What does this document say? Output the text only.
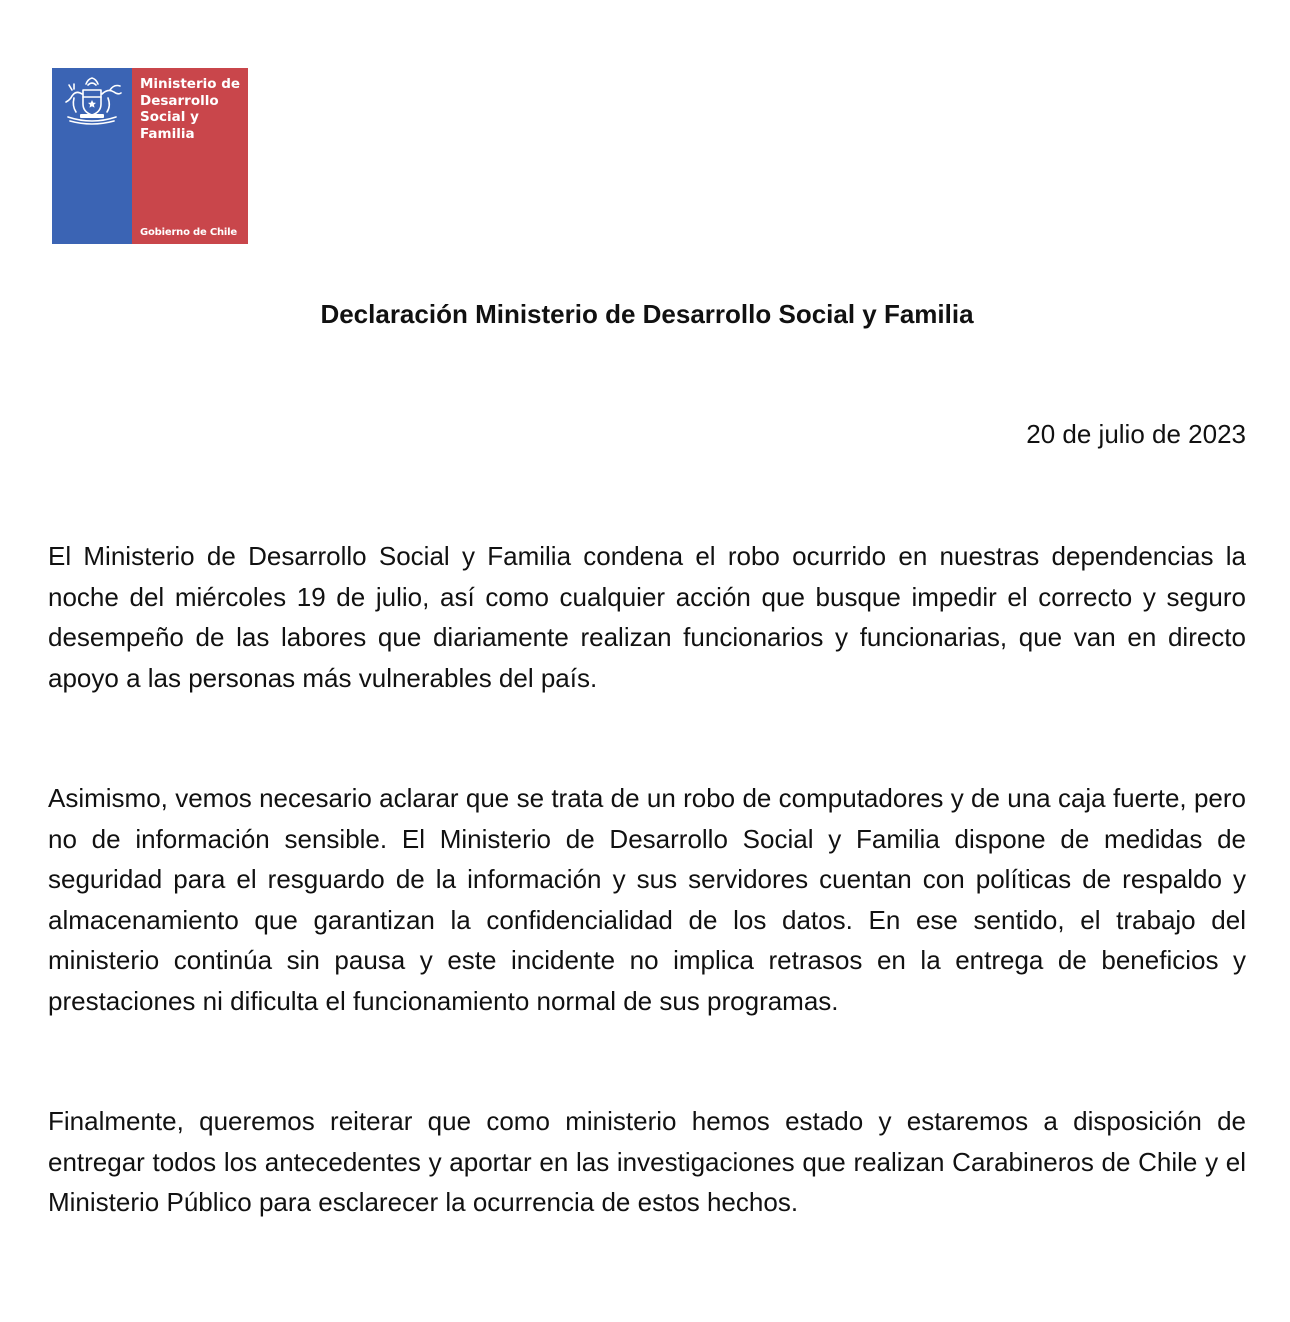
Ministerio de
Desarrollo
Social y
Familia
Gobierno de Chile
Declaración Ministerio de Desarrollo Social y Familia
20 de julio de 2023

El Ministerio de Desarrollo Social y Familia condena el robo ocurrido en nuestras dependencias la noche del miércoles 19 de julio, así como cualquier acción que busque impedir el correcto y seguro desempeño de las labores que diariamente realizan funcionarios y funcionarias, que van en directo apoyo a las personas más vulnerables del país.

Asimismo, vemos necesario aclarar que se trata de un robo de computadores y de una caja fuerte, pero no de información sensible. El Ministerio de Desarrollo Social y Familia dispone de medidas de seguridad para el resguardo de la información y sus servidores cuentan con políticas de respaldo y almacenamiento que garantizan la confidencialidad de los datos. En ese sentido, el trabajo del ministerio continúa sin pausa y este incidente no implica retrasos en la entrega de beneficios y prestaciones ni dificulta el funcionamiento normal de sus programas.

Finalmente, queremos reiterar que como ministerio hemos estado y estaremos a disposición de entregar todos los antecedentes y aportar en las investigaciones que realizan Carabineros de Chile y el Ministerio Público para esclarecer la ocurrencia de estos hechos.
